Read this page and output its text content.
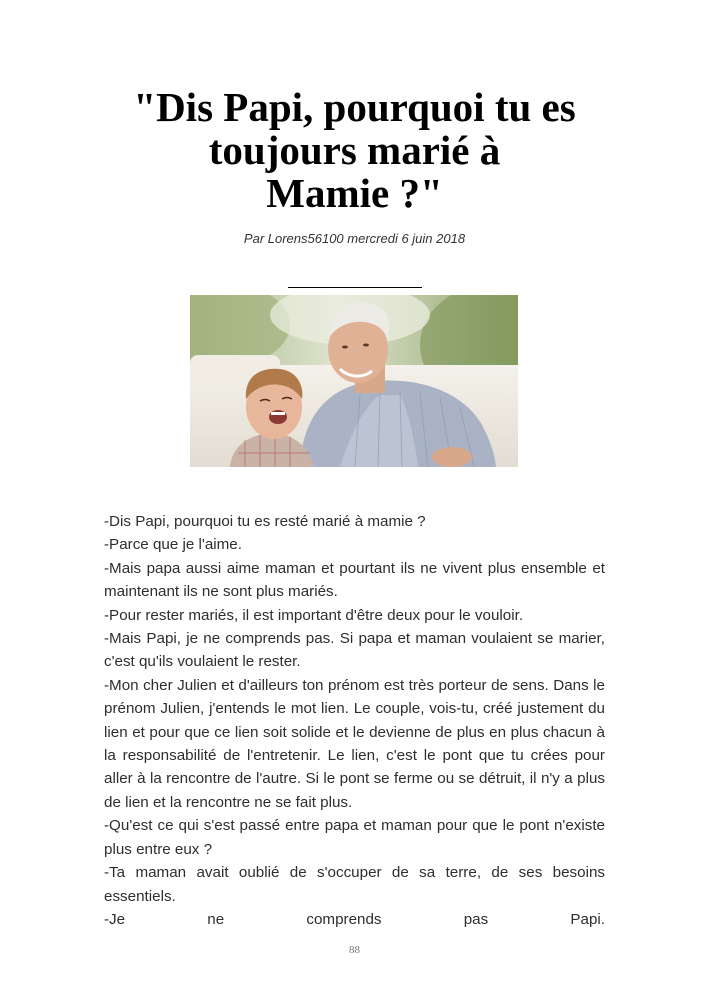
"Dis Papi, pourquoi tu es
toujours marié à
Mamie ?"
Par Lorens56100 mercredi 6 juin 2018

-Dis Papi, pourquoi tu es resté marié à mamie ?

-Parce que je l'aime.

-Mais papa aussi aime maman et pourtant ils ne vivent plus ensemble et maintenant ils ne sont plus mariés.

-Pour rester mariés, il est important d'être deux pour le vouloir.

-Mais Papi, je ne comprends pas. Si papa et maman voulaient se marier, c'est qu'ils voulaient le rester.

-Mon cher Julien et d'ailleurs ton prénom est très porteur de sens. Dans le prénom Julien, j'entends le mot lien. Le couple, vois-tu, créé justement du lien et pour que ce lien soit solide et le devienne de plus en plus chacun à la responsabilité de l'entretenir. Le lien, c'est le pont que tu crées pour aller à la rencontre de l'autre. Si le pont se ferme ou se détruit, il n'y a plus de lien et la rencontre ne se fait plus.

-Qu'est ce qui s'est passé entre papa et maman pour que le pont n'existe plus entre eux ?

-Ta maman avait oublié de s'occuper de sa terre, de ses besoins essentiels.

-Je ne comprends pas Papi.

88
